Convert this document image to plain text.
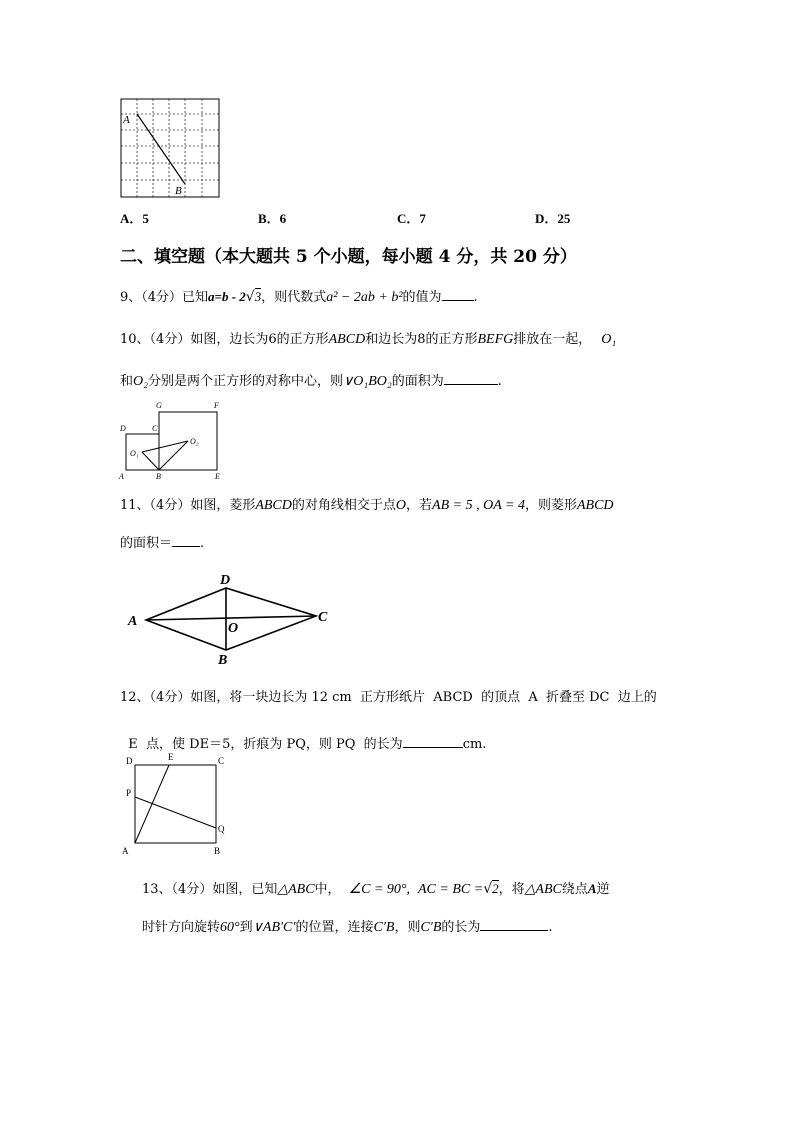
A
B
A．5	B．6	C．7	D．25
二、填空题（本大题共 5 个小题，每小题 4 分，共 20 分）
9、（4分）已知a=b - 2√3，则代数式a² − 2ab + b²的值为 .
10、（4分）如图，边长为6的正方形ABCD和边长为8的正方形BEFG排放在一起， O₁
和O₂分别是两个正方形的对称中心，则∨O₁BO₂的面积为	.
D	C
G	F
A	B	E
O₁
O₂
11、（4分）如图，菱形ABCD的对角线相交于点O，若AB = 5 , OA = 4，则菱形ABCD
的面积＝ .
A
D
C
O
B
12、（4分）如图，将一块边长为 12 cm  正方形纸片  ABCD  的顶点  A  折叠至 DC  边上的

E  点，使 DE＝5，折痕为 PQ，则 PQ  的长为	cm.

D	E	C
P
Q
A	B
13、（4分）如图，已知△ABC中， ∠C = 90°, AC = BC =√2，将△ABC绕点A逆
时针方向旋转60°到∨AB′C′的位置，连接C′B，则C′B的长为	.
